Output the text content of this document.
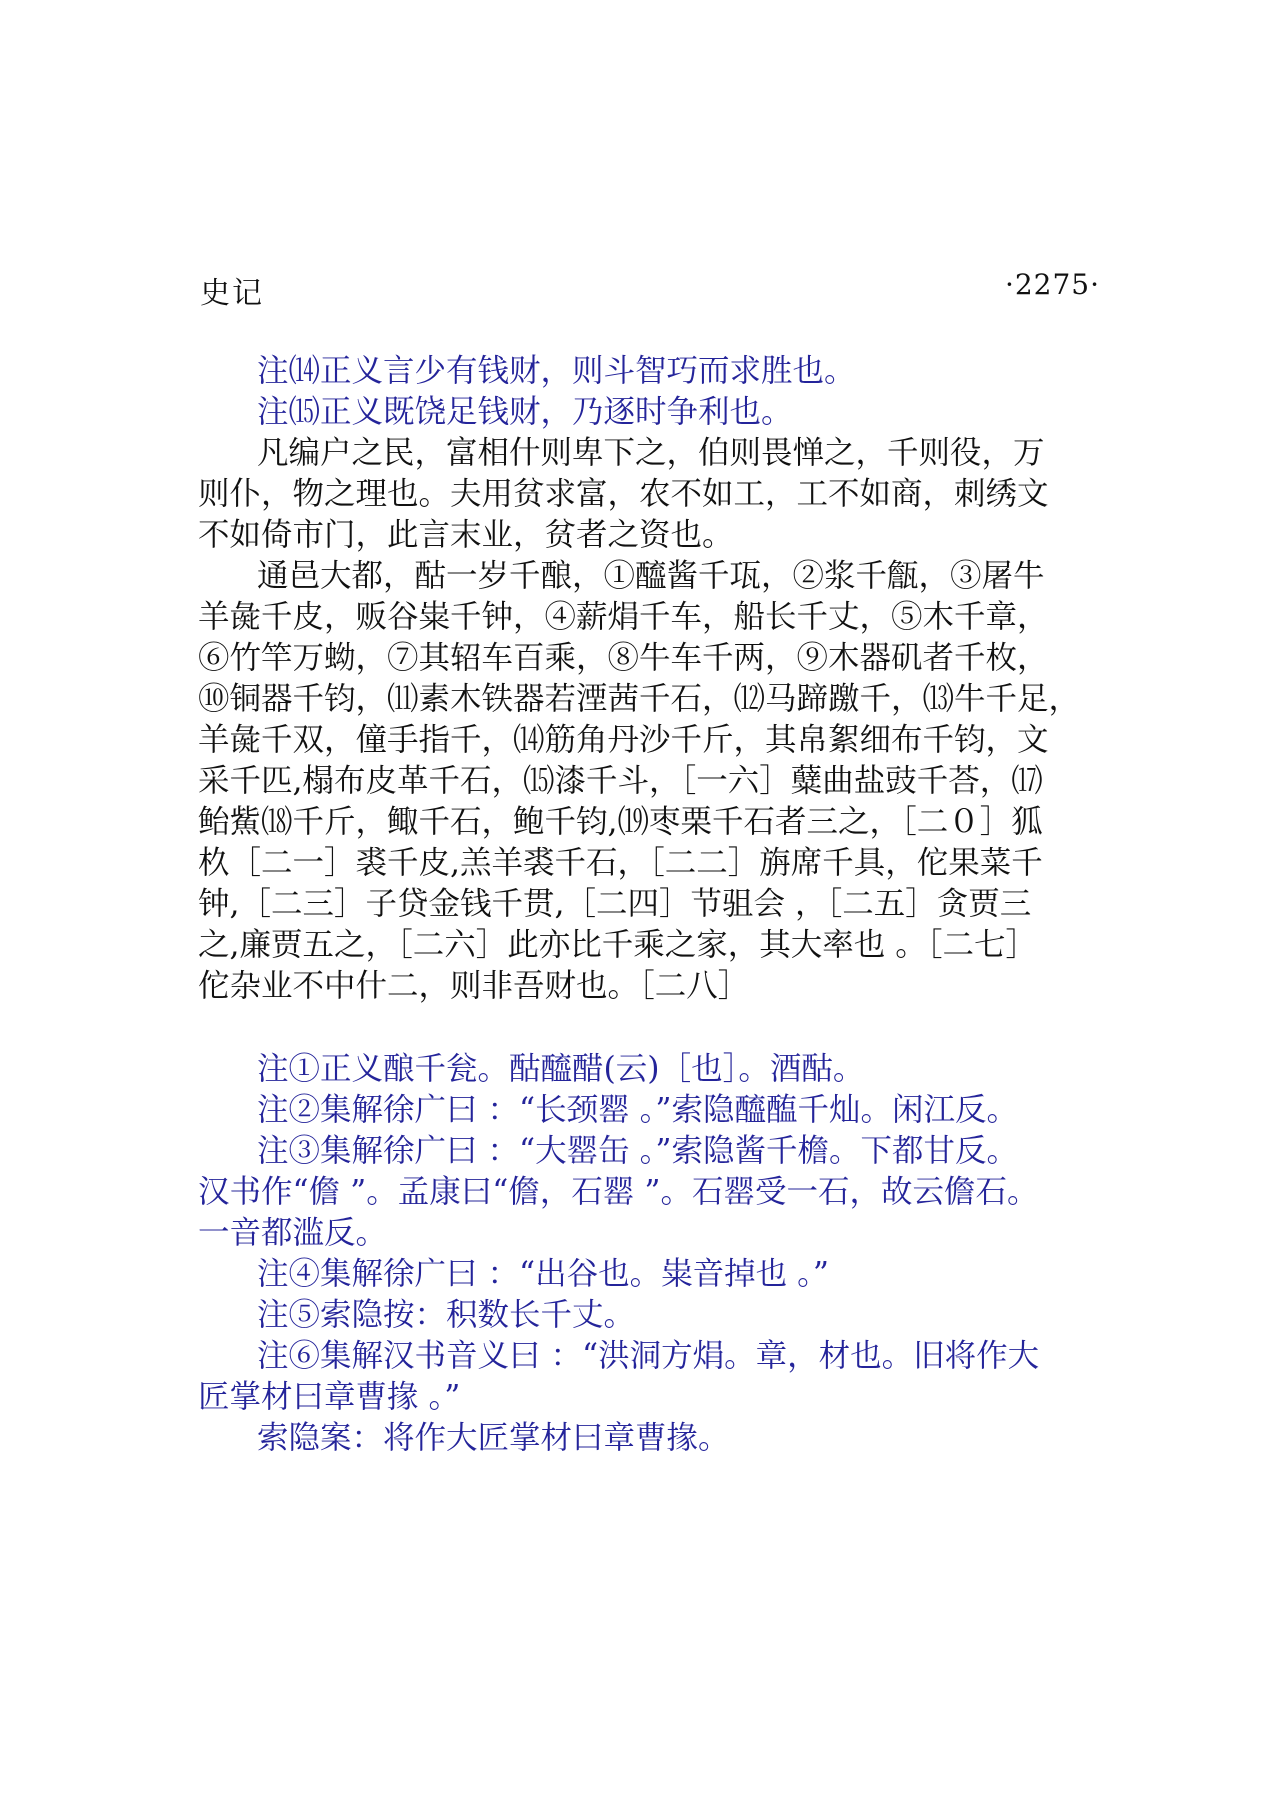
史记	·2275·
注⒁正义言少有钱财，则斗智巧而求胜也。
注⒂正义既饶足钱财，乃逐时争利也。
凡编户之民，富相什则卑下之，伯则畏惮之，千则役，万
则仆，物之理也。夫用贫求富，农不如工，工不如商，刺绣文
不如倚市门，此言末业，贫者之资也。
通邑大都，酤一岁千酿，①醯酱千瓨，②浆千甔，③屠牛
羊彘千皮，贩谷粜千钟，④薪焆千车，船长千丈，⑤木千章，
⑥竹竿万蚴，⑦其轺车百乘，⑧牛车千两，⑨木器矶者千枚，
⑩铜器千钧，⑾素木铁器若湮茜千石，⑿马蹄躈千，⒀牛千足，
羊彘千双，僮手指千，⒁筋角丹沙千斤，其帛絮细布千钧，文
采千匹,榻布皮革千石，⒂漆千斗，［一六］糵曲盐豉千荅，⒄
鲐鮆⒅千斤，鲰千石，鲍千钧,⒆枣栗千石者三之，［二０］狐
杦［二一］裘千皮,羔羊裘千石，［二二］旃席千具，佗果菜千
钟,［二三］子贷金钱千贯,［二四］节驵会 ，［二五］贪贾三
之,廉贾五之，［二六］此亦比千乘之家，其大率也 。［二七］
佗杂业不中什二，则非吾财也。［二八］
注①正义酿千瓮。酤醯醋(云)［也］。酒酤。
注②集解徐广曰 ：“长颈罂 。”索隐醯醢千灿。闲江反。
注③集解徐广曰 ：“大罂缶 。”索隐酱千檐。下都甘反。
汉书作“儋 ”。孟康曰“儋，石罂 ”。石罂受一石，故云儋石。
一音都滥反。
注④集解徐广曰 ：“出谷也。粜音掉也 。”
注⑤索隐按：积数长千丈。
注⑥集解汉书音义曰 ：“洪洞方焆。章，材也。旧将作大
匠掌材曰章曹掾 。”
索隐案：将作大匠掌材曰章曹掾。
